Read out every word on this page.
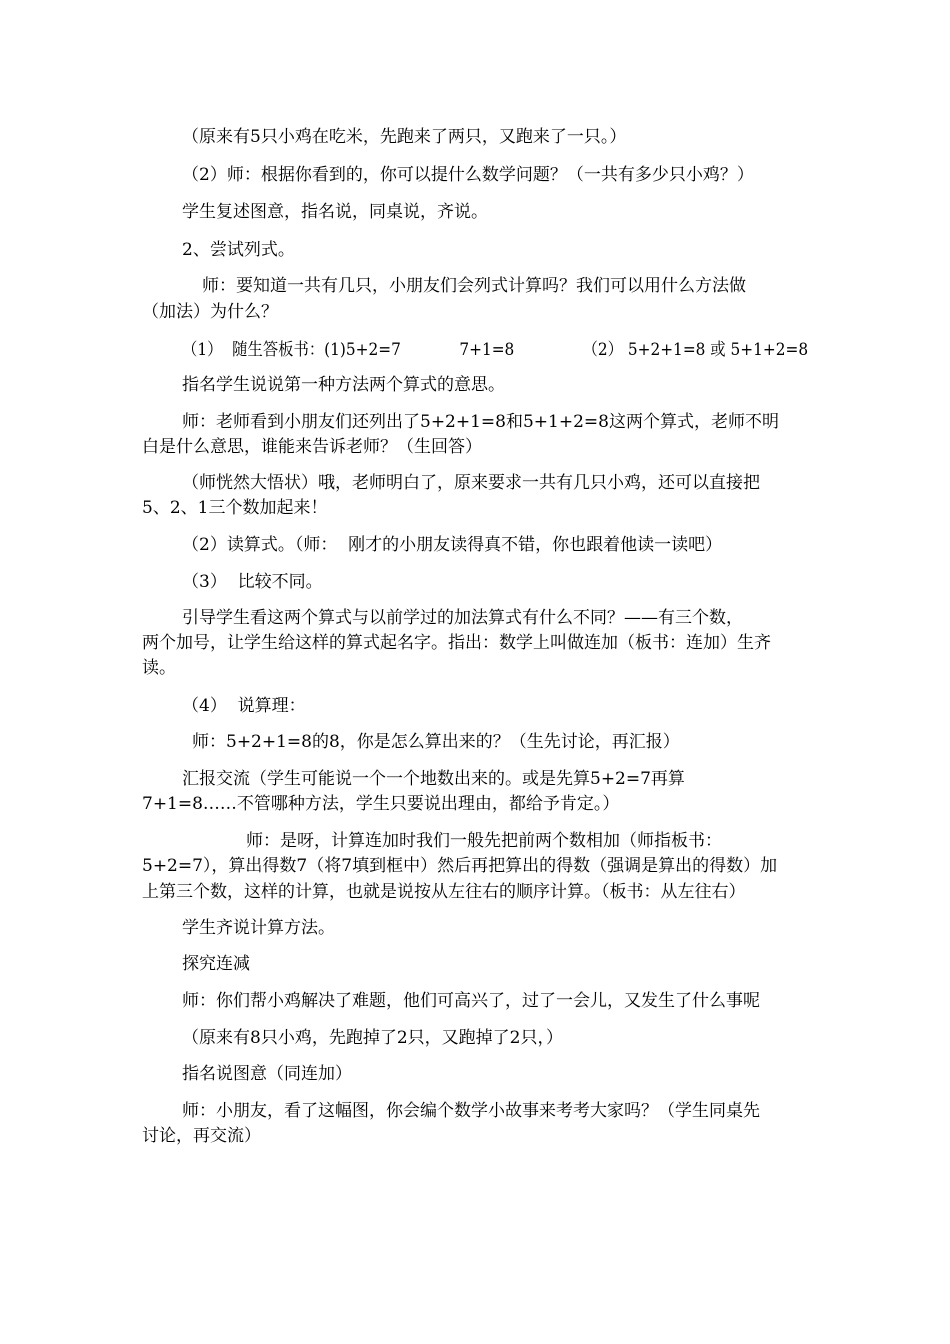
（原来有5只小鸡在吃米，先跑来了两只，又跑来了一只。）
（2）师：根据你看到的，你可以提什么数学问题？（一共有多少只小鸡？）
学生复述图意，指名说，同桌说，齐说。
2、尝试列式。
师：要知道一共有几只，小朋友们会列式计算吗？我们可以用什么方法做
（加法）为什么？
（1）  随生答板书：(1)5+2=7            7+1=8              （2） 5+2+1=8 或 5+1+2=8
指名学生说说第一种方法两个算式的意思。
师：老师看到小朋友们还列出了5+2+1=8和5+1+2=8这两个算式，老师不明
白是什么意思，谁能来告诉老师？（生回答）
（师恍然大悟状）哦，老师明白了，原来要求一共有几只小鸡，还可以直接把
5、2、1三个数加起来！
（2）读算式。（师：  刚才的小朋友读得真不错，你也跟着他读一读吧）
（3）  比较不同。
引导学生看这两个算式与以前学过的加法算式有什么不同？——有三个数，
两个加号，让学生给这样的算式起名字。指出：数学上叫做连加（板书：连加）生齐
读。
（4）  说算理：
师：5+2+1=8的8，你是怎么算出来的？（生先讨论，再汇报）
汇报交流（学生可能说一个一个地数出来的。或是先算5+2=7再算
7+1=8……不管哪种方法，学生只要说出理由，都给予肯定。）
师：是呀，计算连加时我们一般先把前两个数相加（师指板书：
5+2=7），算出得数7（将7填到框中）然后再把算出的得数（强调是算出的得数）加
上第三个数，这样的计算，也就是说按从左往右的顺序计算。（板书：从左往右）
学生齐说计算方法。
探究连减
师：你们帮小鸡解决了难题，他们可高兴了，过了一会儿，又发生了什么事呢
（原来有8只小鸡，先跑掉了2只，又跑掉了2只，）
指名说图意（同连加）
师：小朋友，看了这幅图，你会编个数学小故事来考考大家吗？（学生同桌先
讨论，再交流）
